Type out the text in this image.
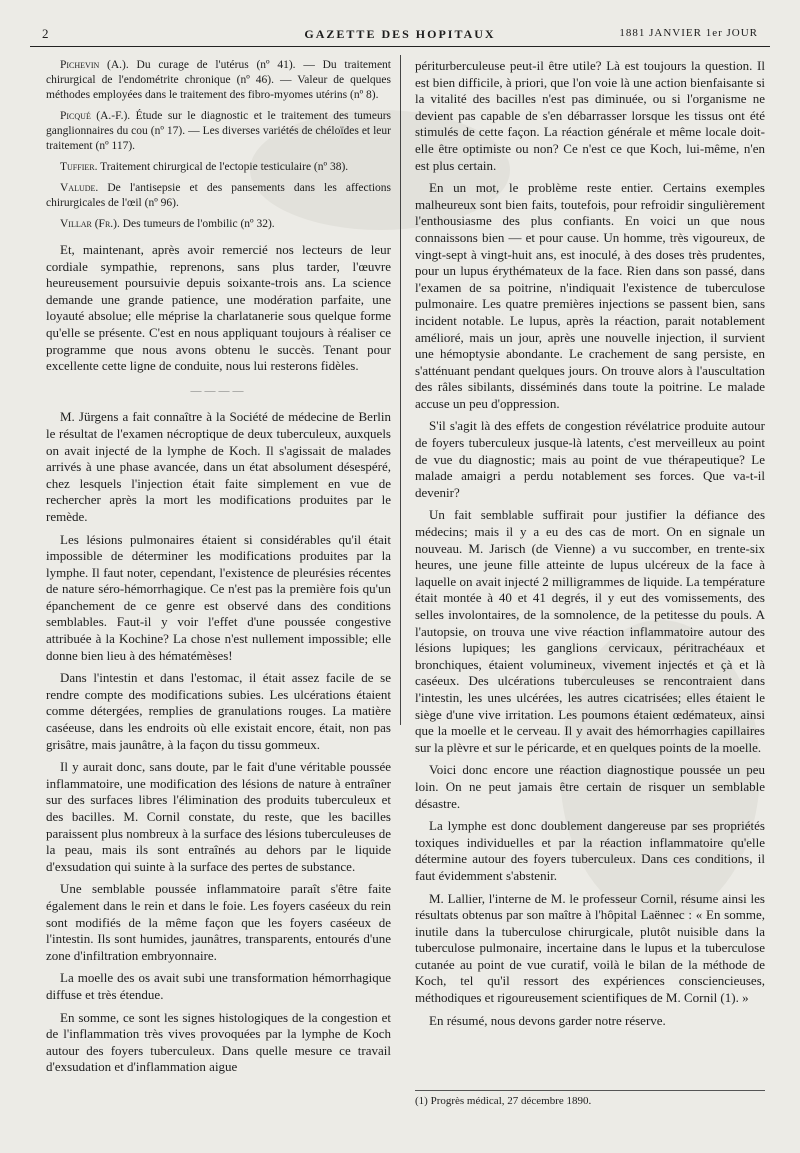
2	GAZETTE DES HOPITAUX	1881 JANVIER 1er JOUR

Pichevin (A.). Du curage de l'utérus (nº 41). — Du traitement chirurgical de l'endométrite chronique (nº 46). — Valeur de quelques méthodes employées dans le traitement des fibro-myomes utérins (nº 8).

Picqué (A.-F.). Étude sur le diagnostic et le traitement des tumeurs ganglionnaires du cou (nº 17). — Les diverses variétés de chéloïdes et leur traitement (nº 117).

Tuffier. Traitement chirurgical de l'ectopie testiculaire (nº 38).

Valude. De l'antisepsie et des pansements dans les affections chirurgicales de l'œil (nº 96).

Villar (Fr.). Des tumeurs de l'ombilic (nº 32).

Et, maintenant, après avoir remercié nos lecteurs de leur cordiale sympathie, reprenons, sans plus tarder, l'œuvre heureusement poursuivie depuis soixante-trois ans. La science demande une grande patience, une modération parfaite, une loyauté absolue; elle méprise la charlatanerie sous quelque forme qu'elle se présente. C'est en nous appliquant toujours à réaliser ce programme que nous avons obtenu le succès. Tenant pour excellente cette ligne de conduite, nous lui resterons fidèles.

————

M. Jürgens a fait connaître à la Société de médecine de Berlin le résultat de l'examen nécroptique de deux tuberculeux, auxquels on avait injecté de la lymphe de Koch. Il s'agissait de malades arrivés à une phase avancée, dans un état absolument désespéré, chez lesquels l'injection était faite simplement en vue de rechercher après la mort les modifications produites par le remède.

Les lésions pulmonaires étaient si considérables qu'il était impossible de déterminer les modifications produites par la lymphe. Il faut noter, cependant, l'existence de pleurésies récentes de nature séro-hémorrhagique. Ce n'est pas la première fois qu'un épanchement de ce genre est observé dans des conditions semblables. Faut-il y voir l'effet d'une poussée congestive attribuée à la Kochine? La chose n'est nullement impossible; elle donne bien lieu à des hématémèses!

Dans l'intestin et dans l'estomac, il était assez facile de se rendre compte des modifications subies. Les ulcérations étaient comme détergées, remplies de granulations rouges. La matière caséeuse, dans les endroits où elle existait encore, était, non pas grisâtre, mais jaunâtre, à la façon du tissu gommeux.

Il y aurait donc, sans doute, par le fait d'une véritable poussée inflammatoire, une modification des lésions de nature à entraîner sur des surfaces libres l'élimination des produits tuberculeux et des bacilles. M. Cornil constate, du reste, que les bacilles paraissent plus nombreux à la surface des lésions tuberculeuses de la peau, mais ils sont entraînés au dehors par le liquide d'exsudation qui suinte à la surface des pertes de substance.

Une semblable poussée inflammatoire paraît s'être faite également dans le rein et dans le foie. Les foyers caséeux du rein sont modifiés de la même façon que les foyers caséeux de l'intestin. Ils sont humides, jaunâtres, transparents, entourés d'une zone d'infiltration embryonnaire.

La moelle des os avait subi une transformation hémorrhagique diffuse et très étendue.

En somme, ce sont les signes histologiques de la congestion et de l'inflammation très vives provoquées par la lymphe de Koch autour des foyers tuberculeux. Dans quelle mesure ce travail d'exsudation et d'inflammation aigue

périturberculeuse peut-il être utile? Là est toujours la question. Il est bien difficile, à priori, que l'on voie là une action bienfaisante si la vitalité des bacilles n'est pas diminuée, ou si l'organisme ne devient pas capable de s'en débarrasser lorsque les tissus ont été stimulés de cette façon. La réaction générale et même locale doit-elle être optimiste ou non? Ce n'est ce que Koch, lui-même, n'en est plus certain.

En un mot, le problème reste entier. Certains exemples malheureux sont bien faits, toutefois, pour refroidir singulièrement l'enthousiasme des plus confiants. En voici un que nous connaissons bien — et pour cause. Un homme, très vigoureux, de vingt-sept à vingt-huit ans, est inoculé, à des doses très prudentes, pour un lupus érythémateux de la face. Rien dans son passé, dans l'examen de sa poitrine, n'indiquait l'existence de tuberculose pulmonaire. Les quatre premières injections se passent bien, sans incident notable. Le lupus, après la réaction, parait notablement amélioré, mais un jour, après une nouvelle injection, il survient une hémoptysie abondante. Le crachement de sang persiste, en s'atténuant pendant quelques jours. On trouve alors à l'auscultation des râles sibilants, disséminés dans toute la poitrine. Le malade accuse un peu d'oppression.

S'il s'agit là des effets de congestion révélatrice produite autour de foyers tuberculeux jusque-là latents, c'est merveilleux au point de vue du diagnostic; mais au point de vue thérapeutique? Le malade amaigri a perdu notablement ses forces. Que va-t-il devenir?

Un fait semblable suffirait pour justifier la défiance des médecins; mais il y a eu des cas de mort. On en signale un nouveau. M. Jarisch (de Vienne) a vu succomber, en trente-six heures, une jeune fille atteinte de lupus ulcéreux de la face à laquelle on avait injecté 2 milligrammes de liquide. La température était montée à 40 et 41 degrés, il y eut des vomissements, des selles involontaires, de la somnolence, de la petitesse du pouls. A l'autopsie, on trouva une vive réaction inflammatoire autour des lésions lupiques; les ganglions cervicaux, péritrachéaux et bronchiques, étaient volumineux, vivement injectés et çà et là caséeux. Des ulcérations tuberculeuses se rencontraient dans l'intestin, les unes ulcérées, les autres cicatrisées; elles étaient le siège d'une vive irritation. Les poumons étaient œdémateux, ainsi que la moelle et le cerveau. Il y avait des hémorrhagies capillaires sur la plèvre et sur le péricarde, et en quelques points de la moelle.

Voici donc encore une réaction diagnostique poussée un peu loin. On ne peut jamais être certain de risquer un semblable désastre.

La lymphe est donc doublement dangereuse par ses propriétés toxiques individuelles et par la réaction inflammatoire qu'elle détermine autour des foyers tuberculeux. Dans ces conditions, il faut évidemment s'abstenir.

M. Lallier, l'interne de M. le professeur Cornil, résume ainsi les résultats obtenus par son maître à l'hôpital Laënnec : « En somme, inutile dans la tuberculose chirurgicale, plutôt nuisible dans la tuberculose pulmonaire, incertaine dans le lupus et la tuberculose cutanée au point de vue curatif, voilà le bilan de la méthode de Koch, tel qu'il ressort des expériences consciencieuses, méthodiques et rigoureusement scientifiques de M. Cornil (1). »

En résumé, nous devons garder notre réserve.

(1) Progrès médical, 27 décembre 1890.
